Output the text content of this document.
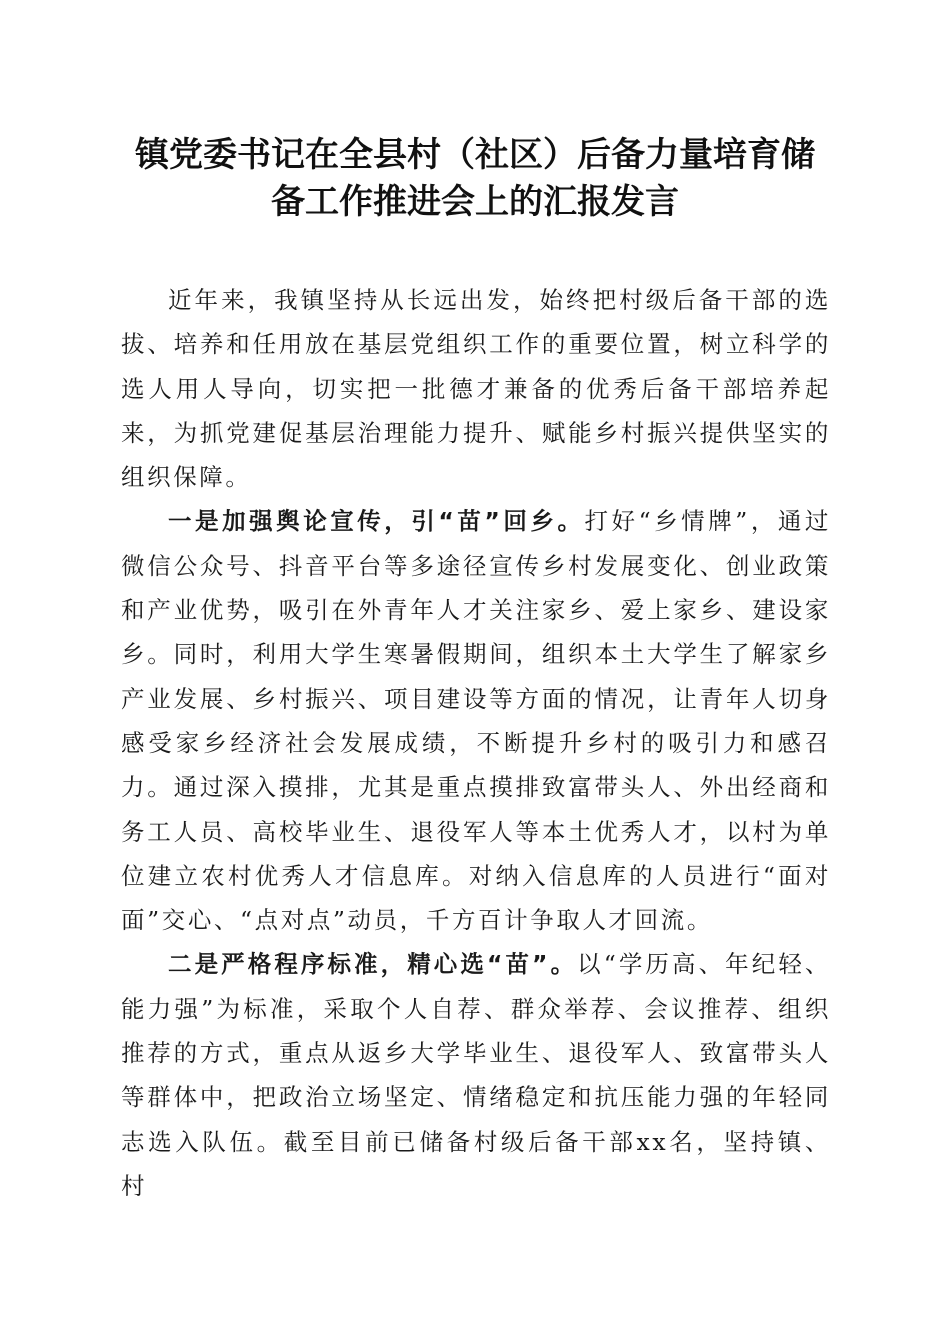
镇党委书记在全县村（社区）后备力量培育储
备工作推进会上的汇报发言

近年来，我镇坚持从长远出发，始终把村级后备干部的选拔、培养和任用放在基层党组织工作的重要位置，树立科学的选人用人导向，切实把一批德才兼备的优秀后备干部培养起来，为抓党建促基层治理能力提升、赋能乡村振兴提供坚实的组织保障。

一是加强舆论宣传，引“苗”回乡。打好“乡情牌”，通过微信公众号、抖音平台等多途径宣传乡村发展变化、创业政策和产业优势，吸引在外青年人才关注家乡、爱上家乡、建设家乡。同时，利用大学生寒暑假期间，组织本土大学生了解家乡产业发展、乡村振兴、项目建设等方面的情况，让青年人切身感受家乡经济社会发展成绩，不断提升乡村的吸引力和感召力。通过深入摸排，尤其是重点摸排致富带头人、外出经商和务工人员、高校毕业生、退役军人等本土优秀人才，以村为单位建立农村优秀人才信息库。对纳入信息库的人员进行“面对面”交心、“点对点”动员，千方百计争取人才回流。

二是严格程序标准，精心选“苗”。以“学历高、年纪轻、能力强”为标准，采取个人自荐、群众举荐、会议推荐、组织推荐的方式，重点从返乡大学毕业生、退役军人、致富带头人等群体中，把政治立场坚定、情绪稳定和抗压能力强的年轻同志选入队伍。截至目前已储备村级后备干部xx名，坚持镇、村
